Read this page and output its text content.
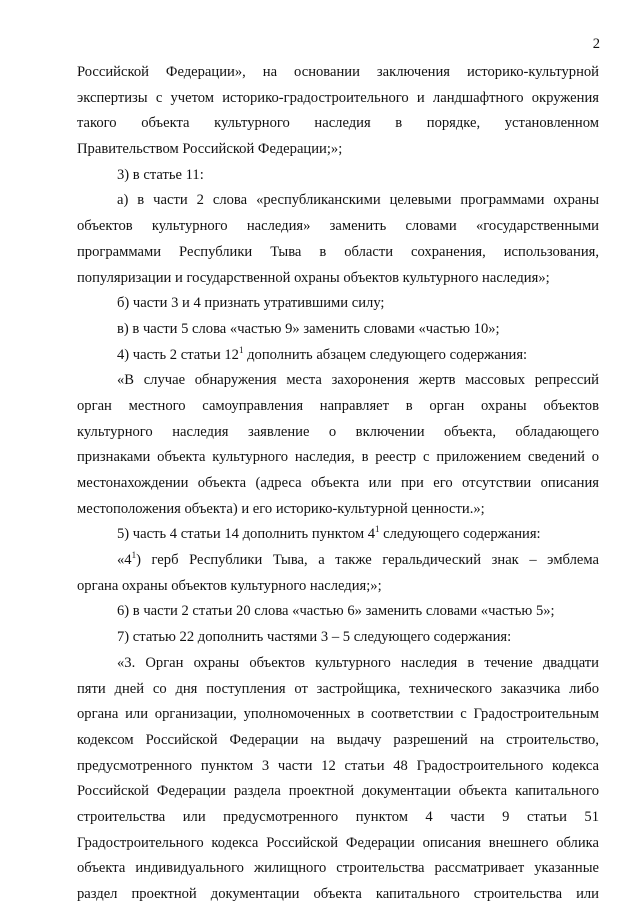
2
Российской Федерации», на основании заключения историко-культурной
экспертизы с учетом историко-градостроительного и ландшафтного окружения
такого объекта культурного наследия в порядке, установленном
Правительством Российской Федерации;»;
3) в статье 11:
а) в части 2 слова «республиканскими целевыми программами охраны
объектов культурного наследия» заменить словами «государственными
программами Республики Тыва в области сохранения, использования,
популяризации и государственной охраны объектов культурного наследия»;
б) части 3 и 4 признать утратившими силу;
в) в части 5 слова «частью 9» заменить словами «частью 10»;
4) часть 2 статьи $12^1$ дополнить абзацем следующего содержания:
«В случае обнаружения места захоронения жертв массовых репрессий
орган местного самоуправления направляет в орган охраны объектов
культурного наследия заявление о включении объекта, обладающего
признаками объекта культурного наследия, в реестр с приложением сведений о
местонахождении объекта (адреса объекта или при его отсутствии описания
местоположения объекта) и его историко-культурной ценности.»;
5) часть 4 статьи 14 дополнить пунктом $4^1$ следующего содержания:
«$4^1$) герб Республики Тыва, а также геральдический знак – эмблема
органа охраны объектов культурного наследия;»;
6) в части 2 статьи 20 слова «частью 6» заменить словами «частью 5»;
7) статью 22 дополнить частями 3 – 5 следующего содержания:
«3. Орган охраны объектов культурного наследия в течение двадцати
пяти дней со дня поступления от застройщика, технического заказчика либо
органа или организации, уполномоченных в соответствии с Градостроительным
кодексом Российской Федерации на выдачу разрешений на строительство,
предусмотренного пунктом 3 части 12 статьи 48 Градостроительного кодекса
Российской Федерации раздела проектной документации объекта капитального
строительства или предусмотренного пунктом 4 части 9 статьи 51
Градостроительного кодекса Российской Федерации описания внешнего облика
объекта индивидуального жилищного строительства рассматривает указанные
раздел проектной документации объекта капитального строительства или
